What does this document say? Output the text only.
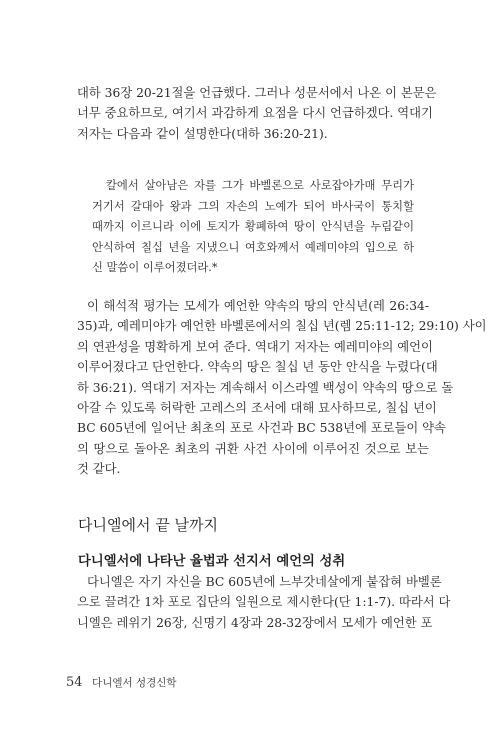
대하 36장 20-21절을 언급했다. 그러나 성문서에서 나온 이 본문은
너무 중요하므로, 여기서 과감하게 요점을 다시 언급하겠다. 역대기
저자는 다음과 같이 설명한다(대하 36:20-21).

칼에서 살아남은 자를 그가 바벨론으로 사로잡아가매 무리가
거기서 갈대아 왕과 그의 자손의 노예가 되어 바사국이 통치할
때까지 이르니라 이에 토지가 황폐하여 땅이 안식년을 누림같이
안식하여 칠십 년을 지냈으니 여호와께서 예레미야의 입으로 하
신 말씀이 이루어졌더라.*

이 해석적 평가는 모세가 예언한 약속의 땅의 안식년(레 26:34-
35)과, 예레미야가 예언한 바벨론에서의 칠십 년(렘 25:11-12; 29:10) 사이
의 연관성을 명확하게 보여 준다. 역대기 저자는 예레미야의 예언이
이루어졌다고 단언한다. 약속의 땅은 칠십 년 동안 안식을 누렸다(대
하 36:21). 역대기 저자는 계속해서 이스라엘 백성이 약속의 땅으로 돌
아갈 수 있도록 허락한 고레스의 조서에 대해 묘사하므로, 칠십 년이
BC 605년에 일어난 최초의 포로 사건과 BC 538년에 포로들이 약속
의 땅으로 돌아온 최초의 귀환 사건 사이에 이루어진 것으로 보는
것 같다.

다니엘에서 끝 날까지
다니엘서에 나타난 율법과 선지서 예언의 성취

다니엘은 자기 자신을 BC 605년에 느부갓네살에게 붙잡혀 바벨론
으로 끌려간 1차 포로 집단의 일원으로 제시한다(단 1:1-7). 따라서 다
니엘은 레위기 26장, 신명기 4장과 28-32장에서 모세가 예언한 포

54 다니엘서 성경신학
